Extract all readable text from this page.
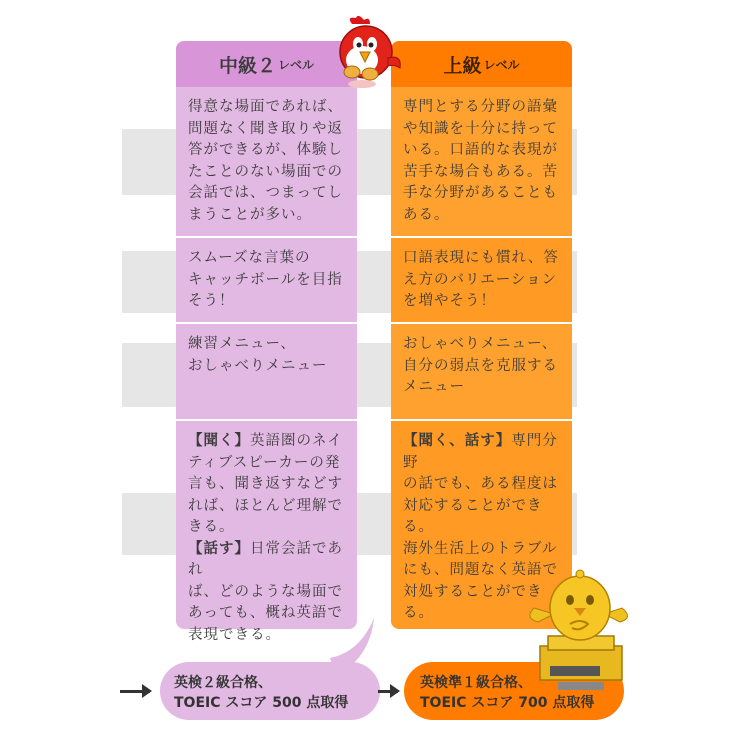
中級２ レベル	上級 レベル
得意な場面であれば、
問題なく聞き取りや返
答ができるが、体験し
たことのない場面での
会話では、つまってし
まうことが多い。
スムーズな言葉の
キャッチボールを目指
そう！
練習メニュー、
おしゃべりメニュー
【聞く】英語圏のネイ
ティブスピーカーの発
言も、聞き返すなどす
れば、ほとんど理解で
きる。
【話す】日常会話であれ
ば、どのような場面で
あっても、概ね英語で
表現できる。
専門とする分野の語彙
や知識を十分に持って
いる。口語的な表現が
苦手な場合もある。苦
手な分野があることも
ある。
口語表現にも慣れ、答
え方のバリエーション
を増やそう！
おしゃべりメニュー、
自分の弱点を克服する
メニュー
【聞く、話す】専門分野
の話でも、ある程度は
対応することができる。
海外生活上のトラブル
にも、問題なく英語で
対処することができる。
英検２級合格、
TOEIC スコア 500 点取得
英検準１級合格、
TOEIC スコア 700 点取得
